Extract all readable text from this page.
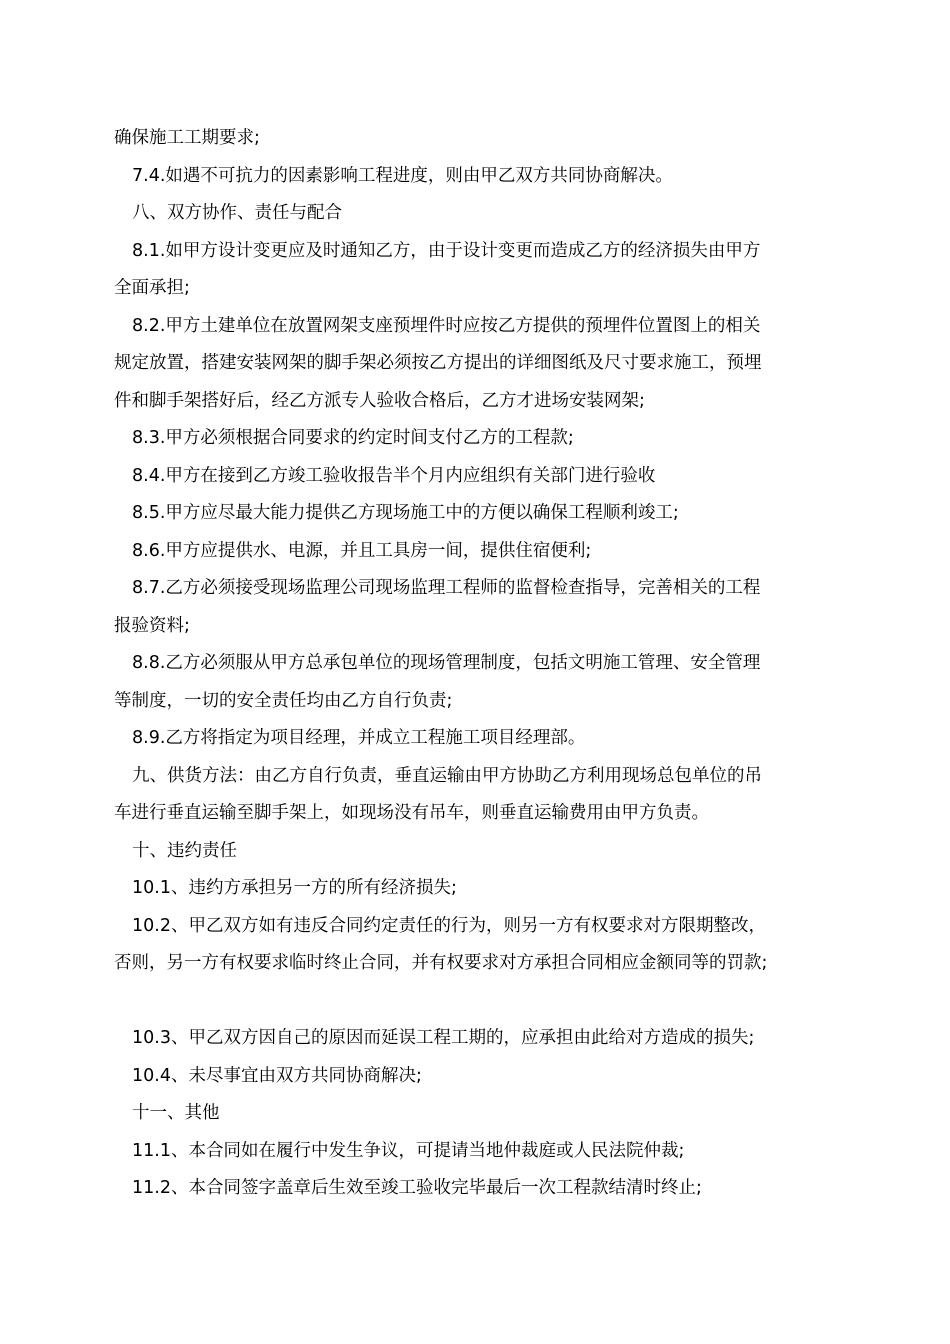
确保施工工期要求;
7.4.如遇不可抗力的因素影响工程进度，则由甲乙双方共同协商解决。
八、双方协作、责任与配合
8.1.如甲方设计变更应及时通知乙方，由于设计变更而造成乙方的经济损失由甲方
全面承担;
8.2.甲方土建单位在放置网架支座预埋件时应按乙方提供的预埋件位置图上的相关
规定放置，搭建安装网架的脚手架必须按乙方提出的详细图纸及尺寸要求施工，预埋
件和脚手架搭好后，经乙方派专人验收合格后，乙方才进场安装网架;
8.3.甲方必须根据合同要求的约定时间支付乙方的工程款;
8.4.甲方在接到乙方竣工验收报告半个月内应组织有关部门进行验收
8.5.甲方应尽最大能力提供乙方现场施工中的方便以确保工程顺利竣工;
8.6.甲方应提供水、电源，并且工具房一间，提供住宿便利;
8.7.乙方必须接受现场监理公司现场监理工程师的监督检查指导，完善相关的工程
报验资料;
8.8.乙方必须服从甲方总承包单位的现场管理制度，包括文明施工管理、安全管理
等制度，一切的安全责任均由乙方自行负责;
8.9.乙方将指定为项目经理，并成立工程施工项目经理部。
九、供货方法：由乙方自行负责，垂直运输由甲方协助乙方利用现场总包单位的吊
车进行垂直运输至脚手架上，如现场没有吊车，则垂直运输费用由甲方负责。
十、违约责任
10.1、违约方承担另一方的所有经济损失;
10.2、甲乙双方如有违反合同约定责任的行为，则另一方有权要求对方限期整改，
否则，另一方有权要求临时终止合同，并有权要求对方承担合同相应金额同等的罚款;
10.3、甲乙双方因自己的原因而延误工程工期的，应承担由此给对方造成的损失;
10.4、未尽事宜由双方共同协商解决;
十一、其他
11.1、本合同如在履行中发生争议，可提请当地仲裁庭或人民法院仲裁;
11.2、本合同签字盖章后生效至竣工验收完毕最后一次工程款结清时终止;
